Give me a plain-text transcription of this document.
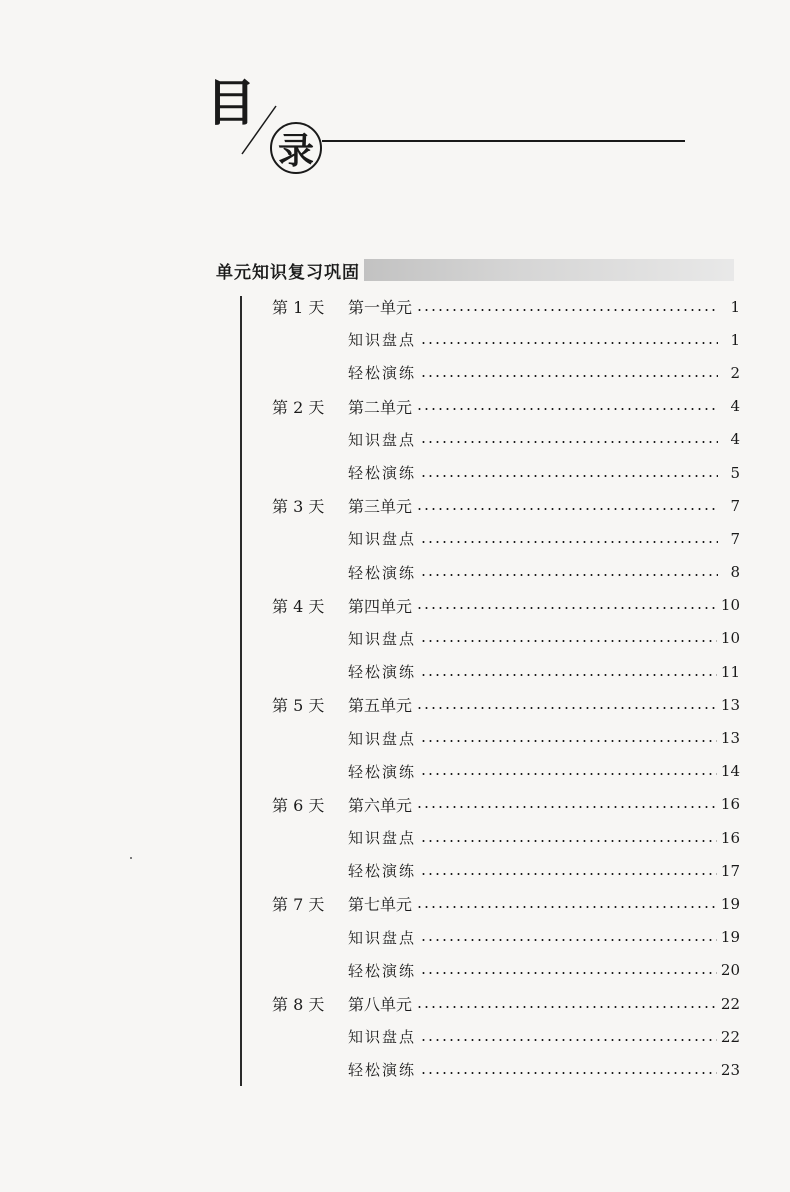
目
录
单元知识复习巩固
第 1 天	第一单元	1
知识盘点	1
轻松演练	2
第 2 天	第二单元	4
知识盘点	4
轻松演练	5
第 3 天	第三单元	7
知识盘点	7
轻松演练	8
第 4 天	第四单元	10
知识盘点	10
轻松演练	11
第 5 天	第五单元	13
知识盘点	13
轻松演练	14
第 6 天	第六单元	16
知识盘点	16
轻松演练	17
第 7 天	第七单元	19
知识盘点	19
轻松演练	20
第 8 天	第八单元	22
知识盘点	22
轻松演练	23
